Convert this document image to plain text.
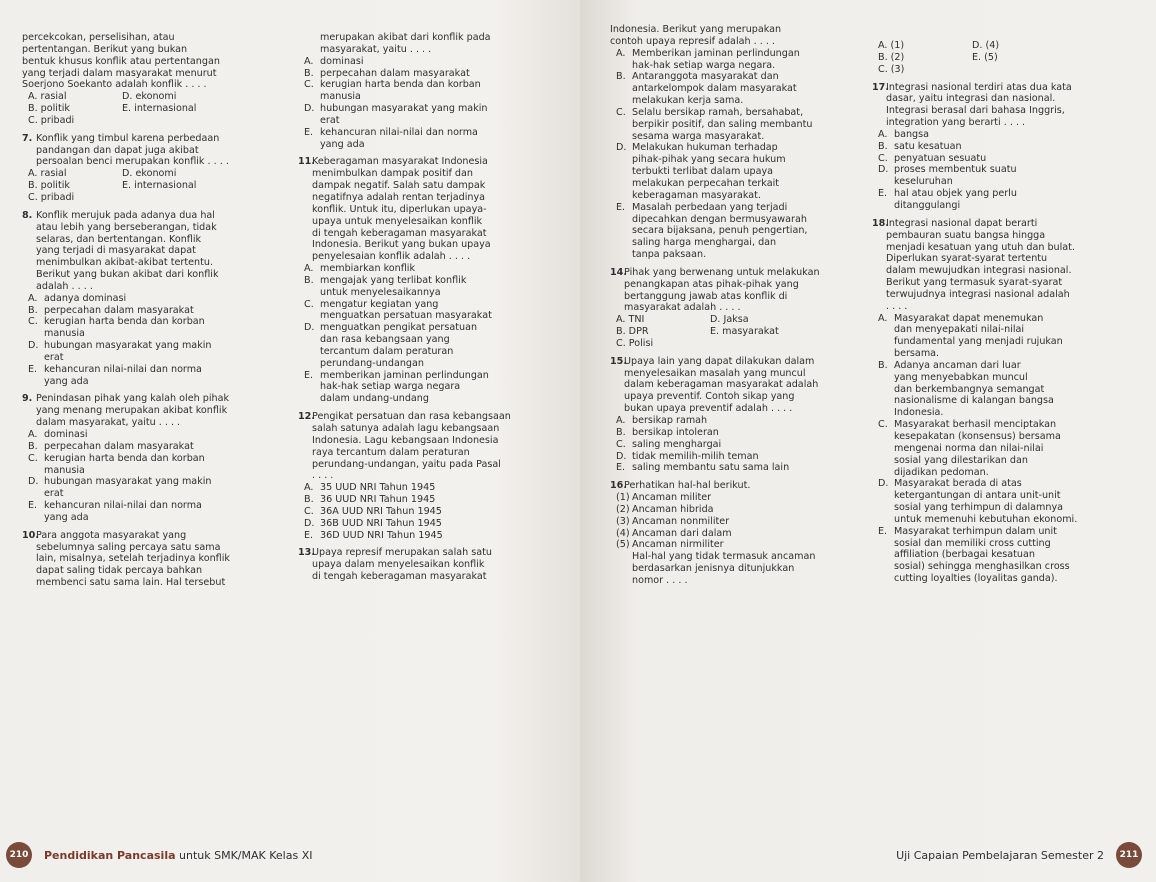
percekcokan, perselisihan, atau

pertentangan. Berikut yang bukan

bentuk khusus konflik atau pertentangan

yang terjadi dalam masyarakat menurut

Soerjono Soekanto adalah konflik . . . .

A. rasial	D. ekonomi

B. politik	E. internasional

C. pribadi

7. Konflik yang timbul karena perbedaan

pandangan dan dapat juga akibat

persoalan benci merupakan konflik . . . .

A. rasial	D. ekonomi

B. politik	E. internasional

C. pribadi

8. Konflik merujuk pada adanya dua hal

atau lebih yang berseberangan, tidak

selaras, dan bertentangan. Konflik

yang terjadi di masyarakat dapat

menimbulkan akibat-akibat tertentu.

Berikut yang bukan akibat dari konflik

adalah . . . .

A. adanya dominasi

B. perpecahan dalam masyarakat

C. kerugian harta benda dan korban

manusia

D. hubungan masyarakat yang makin

erat

E. kehancuran nilai-nilai dan norma

yang ada

9. Penindasan pihak yang kalah oleh pihak

yang menang merupakan akibat konflik

dalam masyarakat, yaitu . . . .

A. dominasi

B. perpecahan dalam masyarakat

C. kerugian harta benda dan korban

manusia

D. hubungan masyarakat yang makin

erat

E. kehancuran nilai-nilai dan norma

yang ada

10.

Para anggota masyarakat yang

sebelumnya saling percaya satu sama

lain, misalnya, setelah terjadinya konflik

dapat saling tidak percaya bahkan

membenci satu sama lain. Hal tersebut

merupakan akibat dari konflik pada

masyarakat, yaitu . . . .

A. dominasi

B. perpecahan dalam masyarakat

C. kerugian harta benda dan korban

manusia

D. hubungan masyarakat yang makin

erat

E. kehancuran nilai-nilai dan norma

yang ada

11.

Keberagaman masyarakat Indonesia

menimbulkan dampak positif dan

dampak negatif. Salah satu dampak

negatifnya adalah rentan terjadinya

konflik. Untuk itu, diperlukan upaya-

upaya untuk menyelesaikan konflik

di tengah keberagaman masyarakat

Indonesia. Berikut yang bukan upaya

penyelesaian konflik adalah . . . .

A. membiarkan konflik

B. mengajak yang terlibat konflik

untuk menyelesaikannya

C. mengatur kegiatan yang

menguatkan persatuan masyarakat

D. menguatkan pengikat persatuan

dan rasa kebangsaan yang

tercantum dalam peraturan

perundang-undangan

E. memberikan jaminan perlindungan

hak-hak setiap warga negara

dalam undang-undang

12.

Pengikat persatuan dan rasa kebangsaan

salah satunya adalah lagu kebangsaan

Indonesia. Lagu kebangsaan Indonesia

raya tercantum dalam peraturan

perundang-undangan, yaitu pada Pasal

. . . .

A. 35 UUD NRI Tahun 1945

B. 36 UUD NRI Tahun 1945

C. 36A UUD NRI Tahun 1945

D. 36B UUD NRI Tahun 1945

E. 36D UUD NRI Tahun 1945

13.

Upaya represif merupakan salah satu

upaya dalam menyelesaikan konflik

di tengah keberagaman masyarakat

210	Pendidikan Pancasila untuk SMK/MAK Kelas XI

Indonesia. Berikut yang merupakan

contoh upaya represif adalah . . . .

A. Memberikan jaminan perlindungan

hak-hak setiap warga negara.

B. Antaranggota masyarakat dan

antarkelompok dalam masyarakat

melakukan kerja sama.

C. Selalu bersikap ramah, bersahabat,

berpikir positif, dan saling membantu

sesama warga masyarakat.

D. Melakukan hukuman terhadap

pihak-pihak yang secara hukum

terbukti terlibat dalam upaya

melakukan perpecahan terkait

keberagaman masyarakat.

E. Masalah perbedaan yang terjadi

dipecahkan dengan bermusyawarah

secara bijaksana, penuh pengertian,

saling harga menghargai, dan

tanpa paksaan.

14.

Pihak yang berwenang untuk melakukan

penangkapan atas pihak-pihak yang

bertanggung jawab atas konflik di

masyarakat adalah . . . .

A. TNI	D. Jaksa

B. DPR	E. masyarakat

C. Polisi

15.

Upaya lain yang dapat dilakukan dalam

menyelesaikan masalah yang muncul

dalam keberagaman masyarakat adalah

upaya preventif. Contoh sikap yang

bukan upaya preventif adalah . . . .

A. bersikap ramah

B. bersikap intoleran

C. saling menghargai

D. tidak memilih-milih teman

E. saling membantu satu sama lain

16.

Perhatikan hal-hal berikut.

(1) Ancaman militer

(2) Ancaman hibrida

(3) Ancaman nonmiliter

(4) Ancaman dari dalam

(5) Ancaman nirmiliter

Hal-hal yang tidak termasuk ancaman

berdasarkan jenisnya ditunjukkan

nomor . . . .

A. (1)	D. (4)

B. (2)	E. (5)

C. (3)

17.

Integrasi nasional terdiri atas dua kata

dasar, yaitu integrasi dan nasional.

Integrasi berasal dari bahasa Inggris,

integration yang berarti . . . .

A. bangsa

B. satu kesatuan

C. penyatuan sesuatu

D. proses membentuk suatu

keseluruhan

E. hal atau objek yang perlu

ditanggulangi

18.

Integrasi nasional dapat berarti

pembauran suatu bangsa hingga

menjadi kesatuan yang utuh dan bulat.

Diperlukan syarat-syarat tertentu

dalam mewujudkan integrasi nasional.

Berikut yang termasuk syarat-syarat

terwujudnya integrasi nasional adalah

. . . .

A. Masyarakat dapat menemukan

dan menyepakati nilai-nilai

fundamental yang menjadi rujukan

bersama.

B. Adanya ancaman dari luar

yang menyebabkan muncul

dan berkembangnya semangat

nasionalisme di kalangan bangsa

Indonesia.

C. Masyarakat berhasil menciptakan

kesepakatan (konsensus) bersama

mengenai norma dan nilai-nilai

sosial yang dilestarikan dan

dijadikan pedoman.

D. Masyarakat berada di atas

ketergantungan di antara unit-unit

sosial yang terhimpun di dalamnya

untuk memenuhi kebutuhan ekonomi.

E. Masyarakat terhimpun dalam unit

sosial dan memiliki cross cutting

affiliation (berbagai kesatuan

sosial) sehingga menghasilkan cross

cutting loyalties (loyalitas ganda).

Uji Capaian Pembelajaran Semester 2	211
